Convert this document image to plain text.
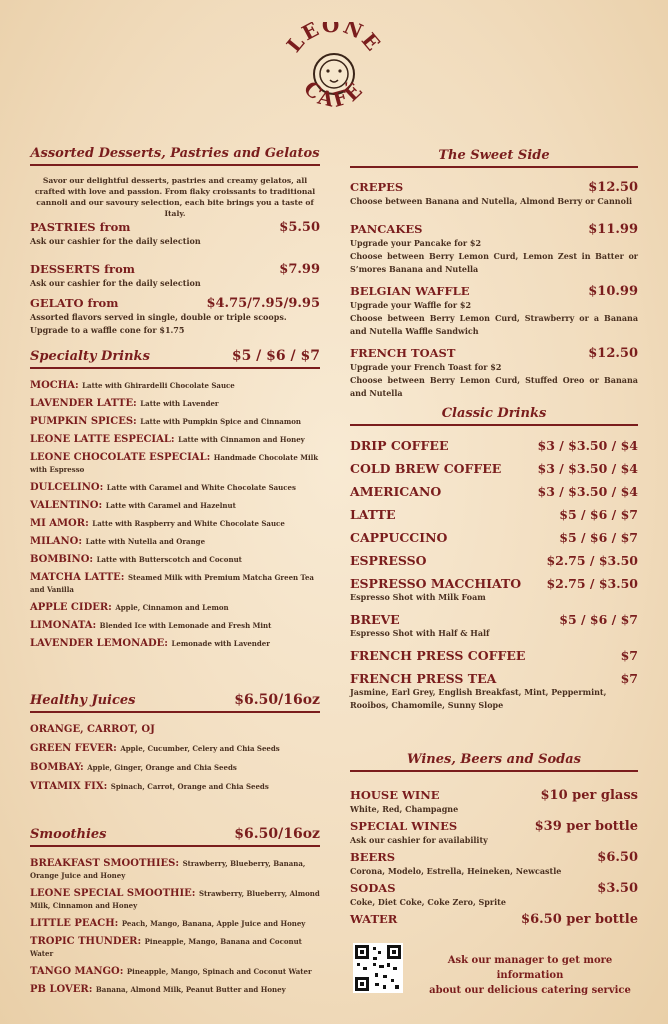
LEONE
CAFÉ
Assorted Desserts, Pastries and Gelatos
Savor our delightful desserts, pastries and creamy gelatos, all crafted with love and passion. From flaky croissants to traditional cannoli and our savoury selection, each bite brings you a taste of Italy.
PASTRIES from	$5.50
Ask our cashier for the daily selection
DESSERTS from	$7.99
Ask our cashier for the daily selection
GELATO from	$4.75/7.95/9.95
Assorted flavors served in single, double or triple scoops.
Upgrade to a waffle cone for $1.75
Specialty Drinks	$5 / $6 / $7
MOCHA: Latte with Ghirardelli Chocolate Sauce
LAVENDER LATTE: Latte with Lavender
PUMPKIN SPICES: Latte with Pumpkin Spice and Cinnamon
LEONE LATTE ESPECIAL: Latte with Cinnamon and Honey
LEONE CHOCOLATE ESPECIAL: Handmade Chocolate Milk with Espresso
DULCELINO: Latte with Caramel and White Chocolate Sauces
VALENTINO: Latte with Caramel and Hazelnut
MI AMOR: Latte with Raspberry and White Chocolate Sauce
MILANO: Latte with Nutella and Orange
BOMBINO: Latte with Butterscotch and Coconut
MATCHA LATTE: Steamed Milk with Premium Matcha Green Tea and Vanilla
APPLE CIDER: Apple, Cinnamon and Lemon
LIMONATA: Blended Ice with Lemonade and Fresh Mint
LAVENDER LEMONADE: Lemonade with Lavender
Healthy Juices	$6.50/16oz
ORANGE, CARROT, OJ
GREEN FEVER: Apple, Cucumber, Celery and Chia Seeds
BOMBAY: Apple, Ginger, Orange and Chia Seeds
VITAMIX FIX: Spinach, Carrot, Orange and Chia Seeds
Smoothies	$6.50/16oz
BREAKFAST SMOOTHIES: Strawberry, Blueberry, Banana, Orange Juice and Honey
LEONE SPECIAL SMOOTHIE: Strawberry, Blueberry, Almond Milk, Cinnamon and Honey
LITTLE PEACH: Peach, Mango, Banana, Apple Juice and Honey
TROPIC THUNDER: Pineapple, Mango, Banana and Coconut Water
TANGO MANGO: Pineapple, Mango, Spinach and Coconut Water
PB LOVER: Banana, Almond Milk, Peanut Butter and Honey
The Sweet Side
CREPES	$12.50
Choose between Banana and Nutella, Almond Berry or Cannoli
PANCAKES	$11.99
Upgrade your Pancake for $2
Choose between Berry Lemon Curd, Lemon Zest in Batter or S’mores Banana and Nutella
BELGIAN WAFFLE	$10.99
Upgrade your Waffle for $2
Choose between Berry Lemon Curd, Strawberry or a Banana and Nutella Waffle Sandwich
FRENCH TOAST	$12.50
Upgrade your French Toast for $2
Choose between Berry Lemon Curd, Stuffed Oreo or Banana and Nutella
Classic Drinks
DRIP COFFEE	$3 / $3.50 / $4
COLD BREW COFFEE	$3 / $3.50 / $4
AMERICANO	$3 / $3.50 / $4
LATTE	$5 / $6 / $7
CAPPUCCINO	$5 / $6 / $7
ESPRESSO	$2.75 / $3.50
ESPRESSO MACCHIATO $2.75 / $3.50
Espresso Shot with Milk Foam
BREVE	$5 / $6 / $7
Espresso Shot with Half & Half
FRENCH PRESS COFFEE	$7
FRENCH PRESS TEA	$7
Jasmine, Earl Grey, English Breakfast, Mint, Peppermint, Rooibos, Chamomile, Sunny Slope
Wines, Beers and Sodas
HOUSE WINE	$10 per glass
White, Red, Champagne
SPECIAL WINES	$39 per bottle
Ask our cashier for availability
BEERS	$6.50
Corona, Modelo, Estrella, Heineken, Newcastle
SODAS	$3.50
Coke, Diet Coke, Coke Zero, Sprite
WATER	$6.50 per bottle
Ask our manager to get more information
about our delicious catering service
